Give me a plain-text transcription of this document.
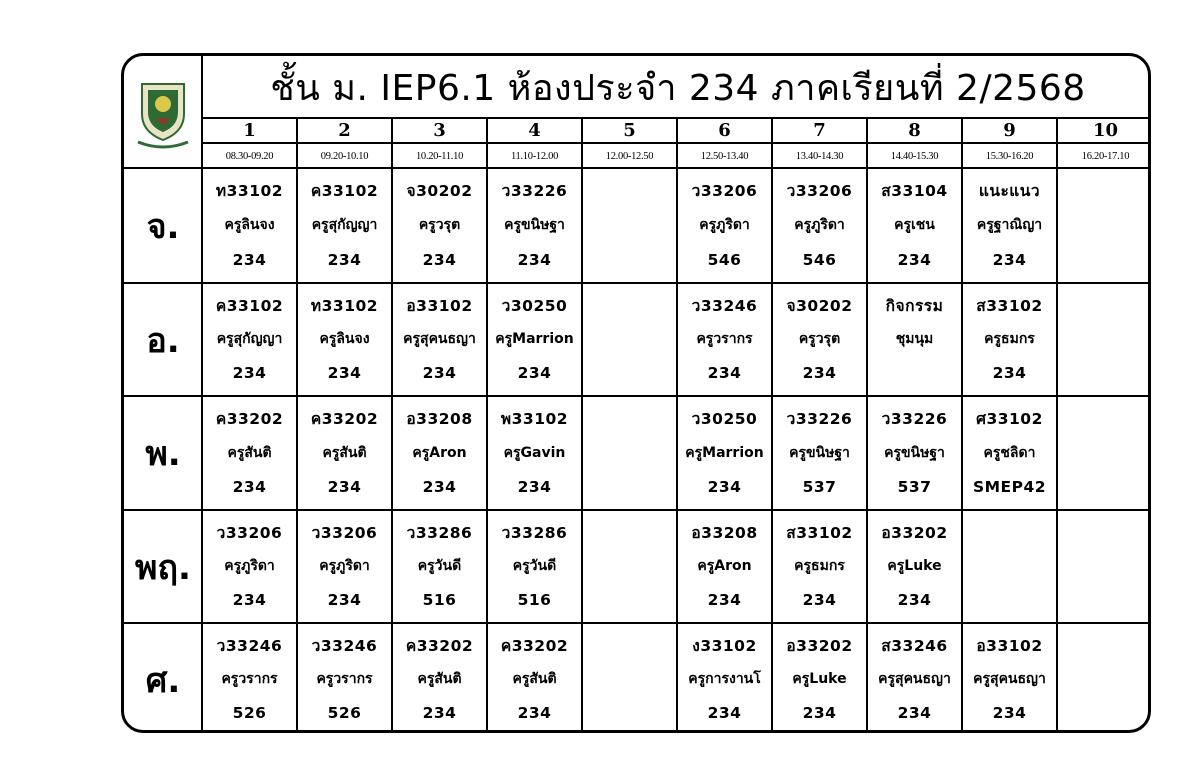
ชั้น ม. IEP6.1 ห้องประจำ 234 ภาคเรียนที่ 2/2568
1
08.30-09.20
2
09.20-10.10
3
10.20-11.10
4
11.10-12.00
5
12.00-12.50
6
12.50-13.40
7
13.40-14.30
8
14.40-15.30
9
15.30-16.20
10
16.20-17.10
จ.
ท33102
ครูลินจง
234
ค33102
ครูสุกัญญา
234
จ30202
ครูวรุต
234
ว33226
ครูขนิษฐา
234

ว33206
ครูภูริดา
546
ว33206
ครูภูริดา
546
ส33104
ครูเชน
234
แนะแนว
ครูฐาณิญา
234

อ.
ค33102
ครูสุกัญญา
234
ท33102
ครูลินจง
234
อ33102
ครูสุคนธญา
234
ว30250
ครูMarrion
234

ว33246
ครูวรากร
234
จ30202
ครูวรุต
234
กิจกรรม
ชุมนุม

ส33102
ครูธมกร
234

พ.
ค33202
ครูสันติ
234
ค33202
ครูสันติ
234
อ33208
ครูAron
234
พ33102
ครูGavin
234

ว30250
ครูMarrion
234
ว33226
ครูขนิษฐา
537
ว33226
ครูขนิษฐา
537
ศ33102
ครูชลิดา
SMEP42

พฤ.
ว33206
ครูภูริดา
234
ว33206
ครูภูริดา
234
ว33286
ครูวันดี
516
ว33286
ครูวันดี
516

อ33208
ครูAron
234
ส33102
ครูธมกร
234
อ33202
ครูLuke
234

ศ.
ว33246
ครูวรากร
526
ว33246
ครูวรากร
526
ค33202
ครูสันติ
234
ค33202
ครูสันติ
234

ง33102
ครูการงานโ
234
อ33202
ครูLuke
234
ส33246
ครูสุคนธญา
234
อ33102
ครูสุคนธญา
234
